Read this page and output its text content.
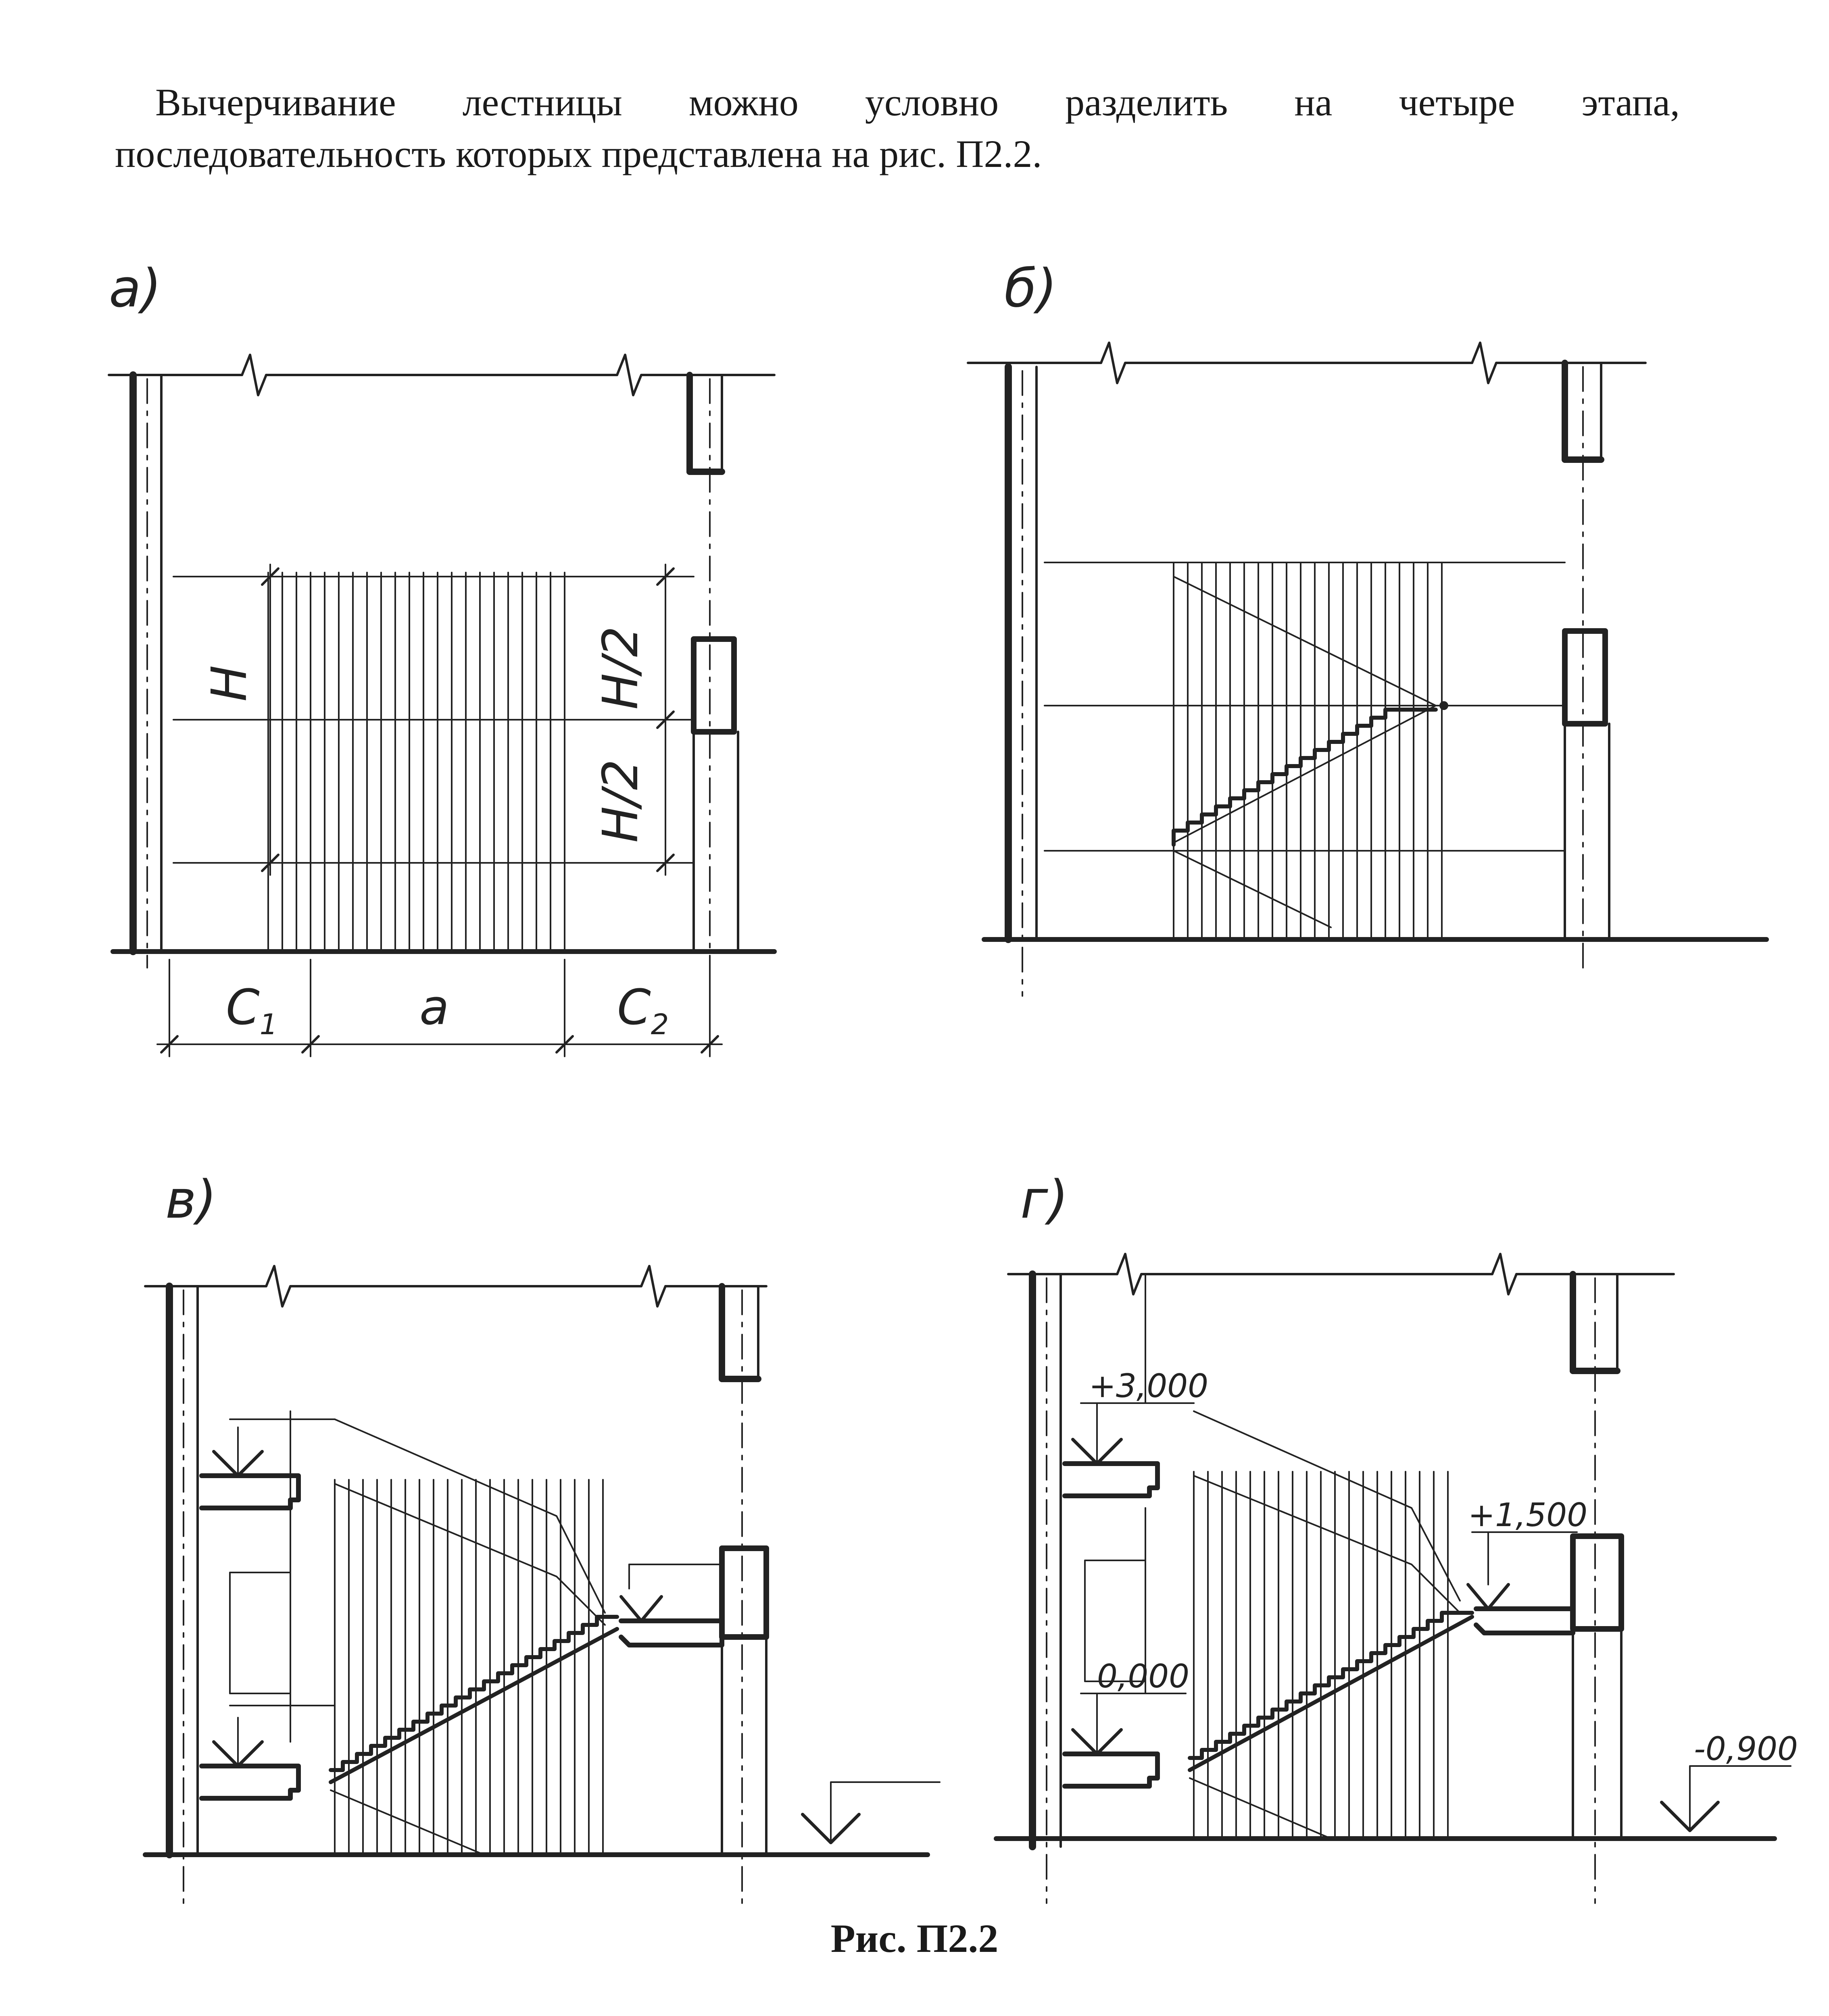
Вычерчивание лестницы можно условно разделить на четыре этапа,

последовательность которых представлена на рис. П2.2.

а)	б)
в)	г)
H	H/2
H/2
$C_1$	a	$C_2$
+3,000
+1,500
0,000
-0,900
Рис. П2.2
